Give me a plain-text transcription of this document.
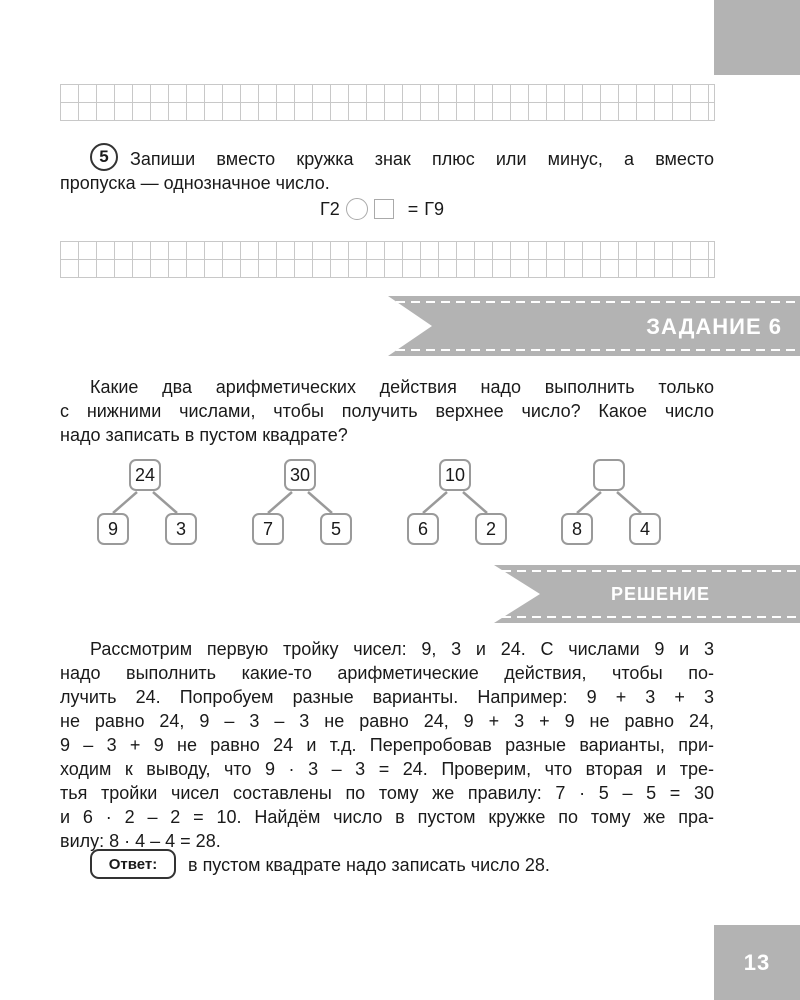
5	Запиши вместо кружка знак плюс или минус, а вместо
пропуска — однозначное число.
Г2	= Г9
ЗАДАНИЕ 6
Какие два арифметических действия надо выполнить только
с нижними числами, чтобы получить верхнее число? Какое число
надо записать в пустом квадрате?
24
9	3
30
7	5
10
6	2	8	4
РЕШЕНИЕ
Рассмотрим первую тройку чисел: 9, 3 и 24. С числами 9 и 3
надо выполнить какие-то арифметические действия, чтобы по-
лучить 24. Попробуем разные варианты. Например: 9 + 3 + 3
не равно 24, 9 – 3 – 3 не равно 24, 9 + 3 + 9 не равно 24,
9 – 3 + 9 не равно 24 и т.д. Перепробовав разные варианты, при-
ходим к выводу, что 9 · 3 – 3 = 24. Проверим, что вторая и тре-
тья тройки чисел составлены по тому же правилу: 7 · 5 – 5 = 30
и 6 · 2 – 2 = 10. Найдём число в пустом кружке по тому же пра-
вилу: 8 · 4 – 4 = 28.
Ответ:	в пустом квадрате надо записать число 28.
13
